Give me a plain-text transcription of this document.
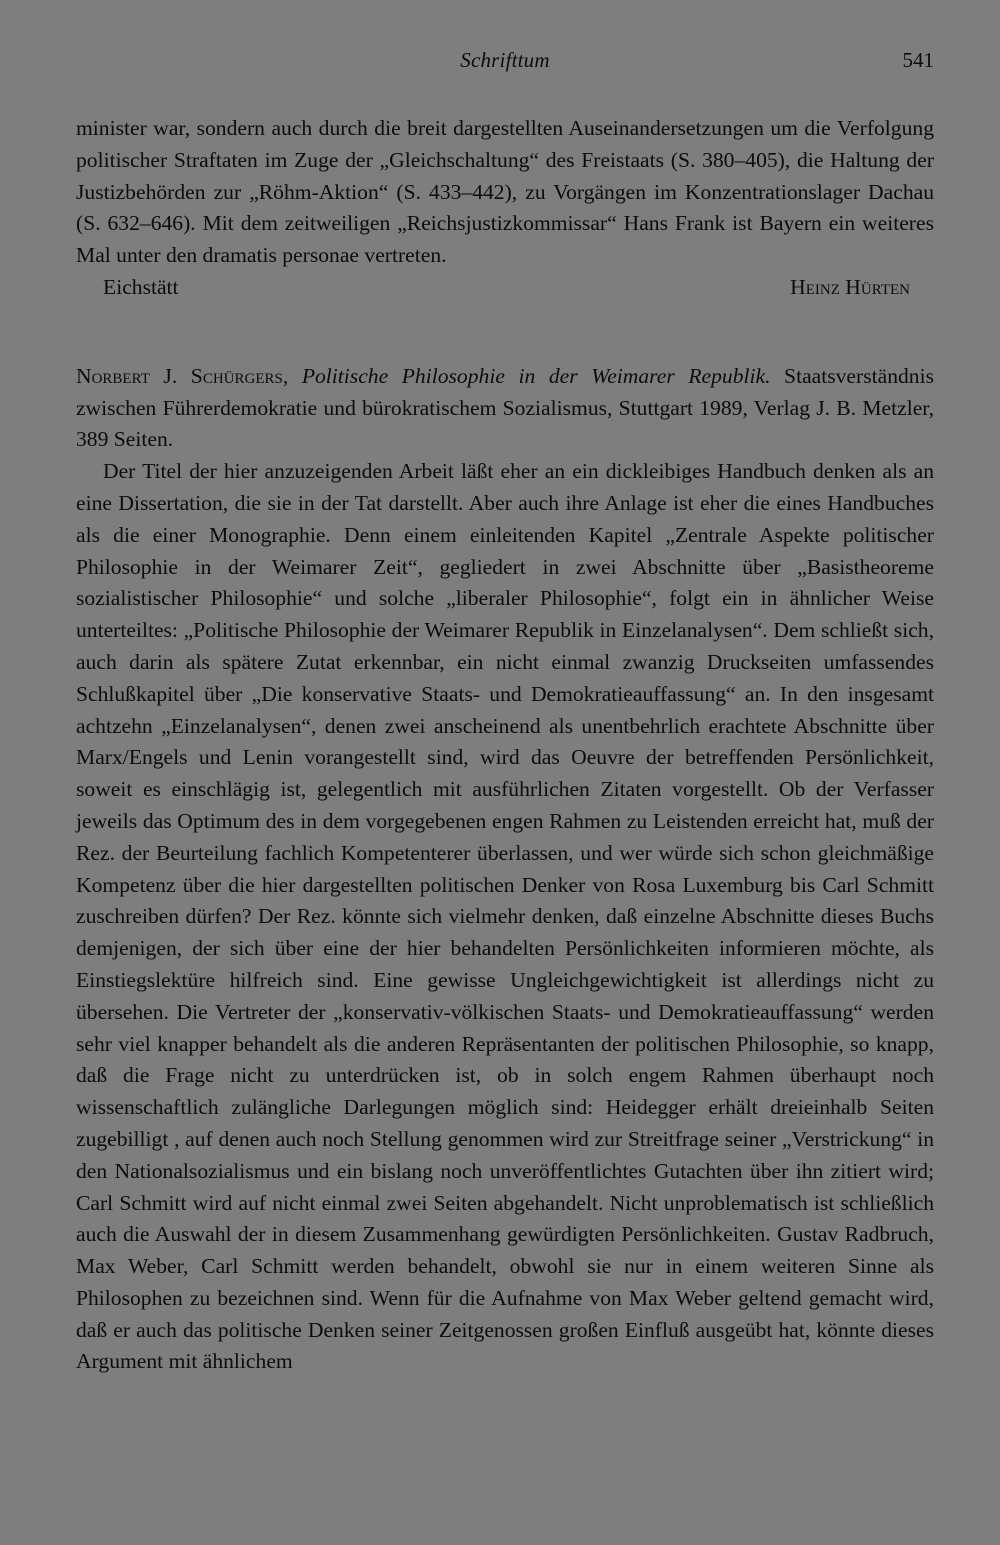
Schrifttum	541

minister war, sondern auch durch die breit dargestellten Auseinandersetzungen um die Verfolgung politischer Straftaten im Zuge der „Gleichschaltung“ des Freistaats (S. 380–405), die Haltung der Justizbehörden zur „Röhm-Aktion“ (S. 433–442), zu Vorgängen im Konzentrationslager Dachau (S. 632–646). Mit dem zeitweiligen „Reichsjustizkommissar“ Hans Frank ist Bayern ein weiteres Mal unter den dramatis personae vertreten.

Eichstätt	Heinz Hürten

Norbert J. Schürgers, Politische Philosophie in der Weimarer Republik. Staatsverständnis zwischen Führerdemokratie und bürokratischem Sozialismus, Stuttgart 1989, Verlag J. B. Metzler, 389 Seiten.

Der Titel der hier anzuzeigenden Arbeit läßt eher an ein dickleibiges Handbuch denken als an eine Dissertation, die sie in der Tat darstellt. Aber auch ihre Anlage ist eher die eines Handbuches als die einer Monographie. Denn einem einleitenden Kapitel „Zentrale Aspekte politischer Philosophie in der Weimarer Zeit“, gegliedert in zwei Abschnitte über „Basistheoreme sozialistischer Philosophie“ und solche „liberaler Philosophie“, folgt ein in ähnlicher Weise unterteiltes: „Politische Philosophie der Weimarer Republik in Einzelanalysen“. Dem schließt sich, auch darin als spätere Zutat erkennbar, ein nicht einmal zwanzig Druckseiten umfassendes Schlußkapitel über „Die konservative Staats- und Demokratieauffassung“ an. In den insgesamt achtzehn „Einzelanalysen“, denen zwei anscheinend als unentbehrlich erachtete Abschnitte über Marx/Engels und Lenin vorangestellt sind, wird das Oeuvre der betreffenden Persönlichkeit, soweit es einschlägig ist, gelegentlich mit ausführlichen Zitaten vorgestellt. Ob der Verfasser jeweils das Optimum des in dem vorgegebenen engen Rahmen zu Leistenden erreicht hat, muß der Rez. der Beurteilung fachlich Kompetenterer überlassen, und wer würde sich schon gleichmäßige Kompetenz über die hier dargestellten politischen Denker von Rosa Luxemburg bis Carl Schmitt zuschreiben dürfen? Der Rez. könnte sich vielmehr denken, daß einzelne Abschnitte dieses Buchs demjenigen, der sich über eine der hier behandelten Persönlichkeiten informieren möchte, als Einstiegslektüre hilfreich sind. Eine gewisse Ungleichgewichtigkeit ist allerdings nicht zu übersehen. Die Vertreter der „konservativ-völkischen Staats- und Demokratieauffassung“ werden sehr viel knapper behandelt als die anderen Repräsentanten der politischen Philosophie, so knapp, daß die Frage nicht zu unterdrücken ist, ob in solch engem Rahmen überhaupt noch wissenschaftlich zulängliche Darlegungen möglich sind: Heidegger erhält dreieinhalb Seiten zugebilligt , auf denen auch noch Stellung genommen wird zur Streitfrage seiner „Verstrickung“ in den Nationalsozialismus und ein bislang noch unveröffentlichtes Gutachten über ihn zitiert wird; Carl Schmitt wird auf nicht einmal zwei Seiten abgehandelt. Nicht unproblematisch ist schließlich auch die Auswahl der in diesem Zusammenhang gewürdigten Persönlichkeiten. Gustav Radbruch, Max Weber, Carl Schmitt werden behandelt, obwohl sie nur in einem weiteren Sinne als Philosophen zu bezeichnen sind. Wenn für die Aufnahme von Max Weber geltend gemacht wird, daß er auch das politische Denken seiner Zeitgenossen großen Einfluß ausgeübt hat, könnte dieses Argument mit ähnlichem
